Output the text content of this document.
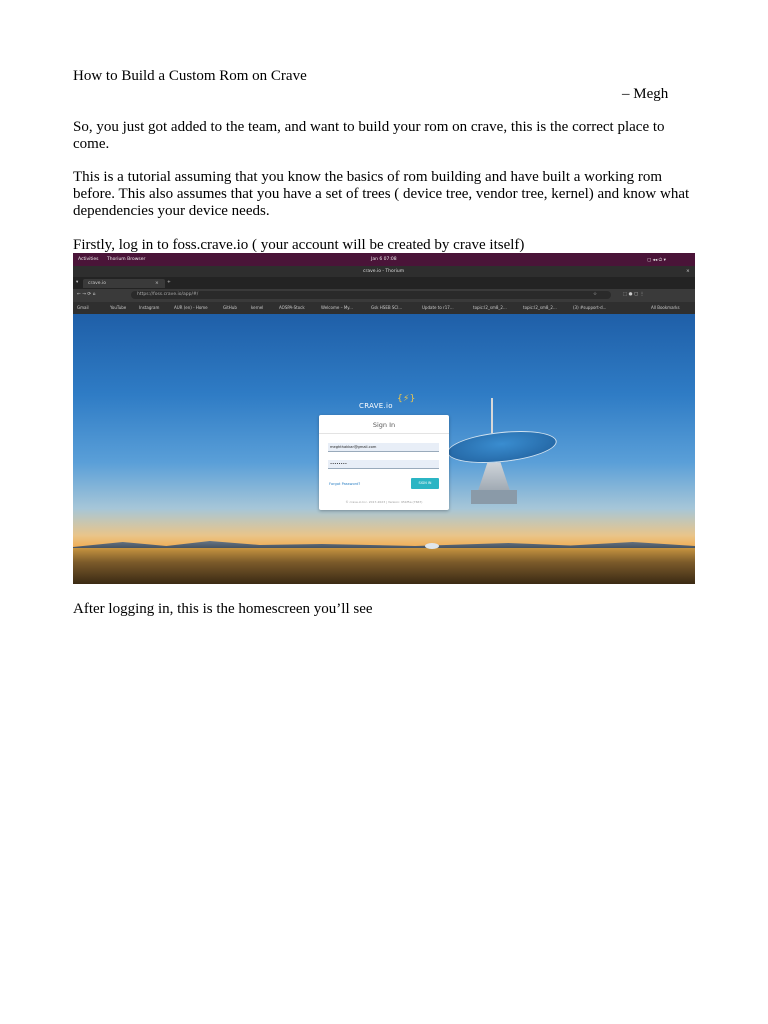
How to Build a Custom Rom on Crave

– Megh

So, you just got added to the team, and want to build your rom on crave, this is the correct place to come.

This is a tutorial assuming that you know the basics of rom building and have built a working rom before. This also assumes that you have a set of trees ( device tree, vendor tree, kernel) and know what dependencies your device needs.

Firstly, log in to foss.crave.io ( your account will be created by crave itself)

Activities Thorium Browser	Jan 6 07:08	▢ ◂◂ ⏻ ▾
crave.io - Thorium	×
▾ crave.io	× +
← → ⟳ ⌂	https://foss.crave.io/app/#/	☆	⬚ ● ▢ ⋮
Gmail	YouTube	Instagram	AUR (en) - Home	GitHub	kernel	AOSPA-Stock	Welcome – My...	Gsk HSEB SCI...	Update to r17...	topic:l2_sm8_2...	topic:l2_sm8_2...	(3) #support-d...	All Bookmarks
CRAVE.io
{⚡}
Sign In
meghthakkar@gmail.com
••••••••
Forgot Password?	SIGN IN
© crave.io Inc. 2017-2023 | Version: 95bf5a (7667)

After logging in, this is the homescreen you’ll see
